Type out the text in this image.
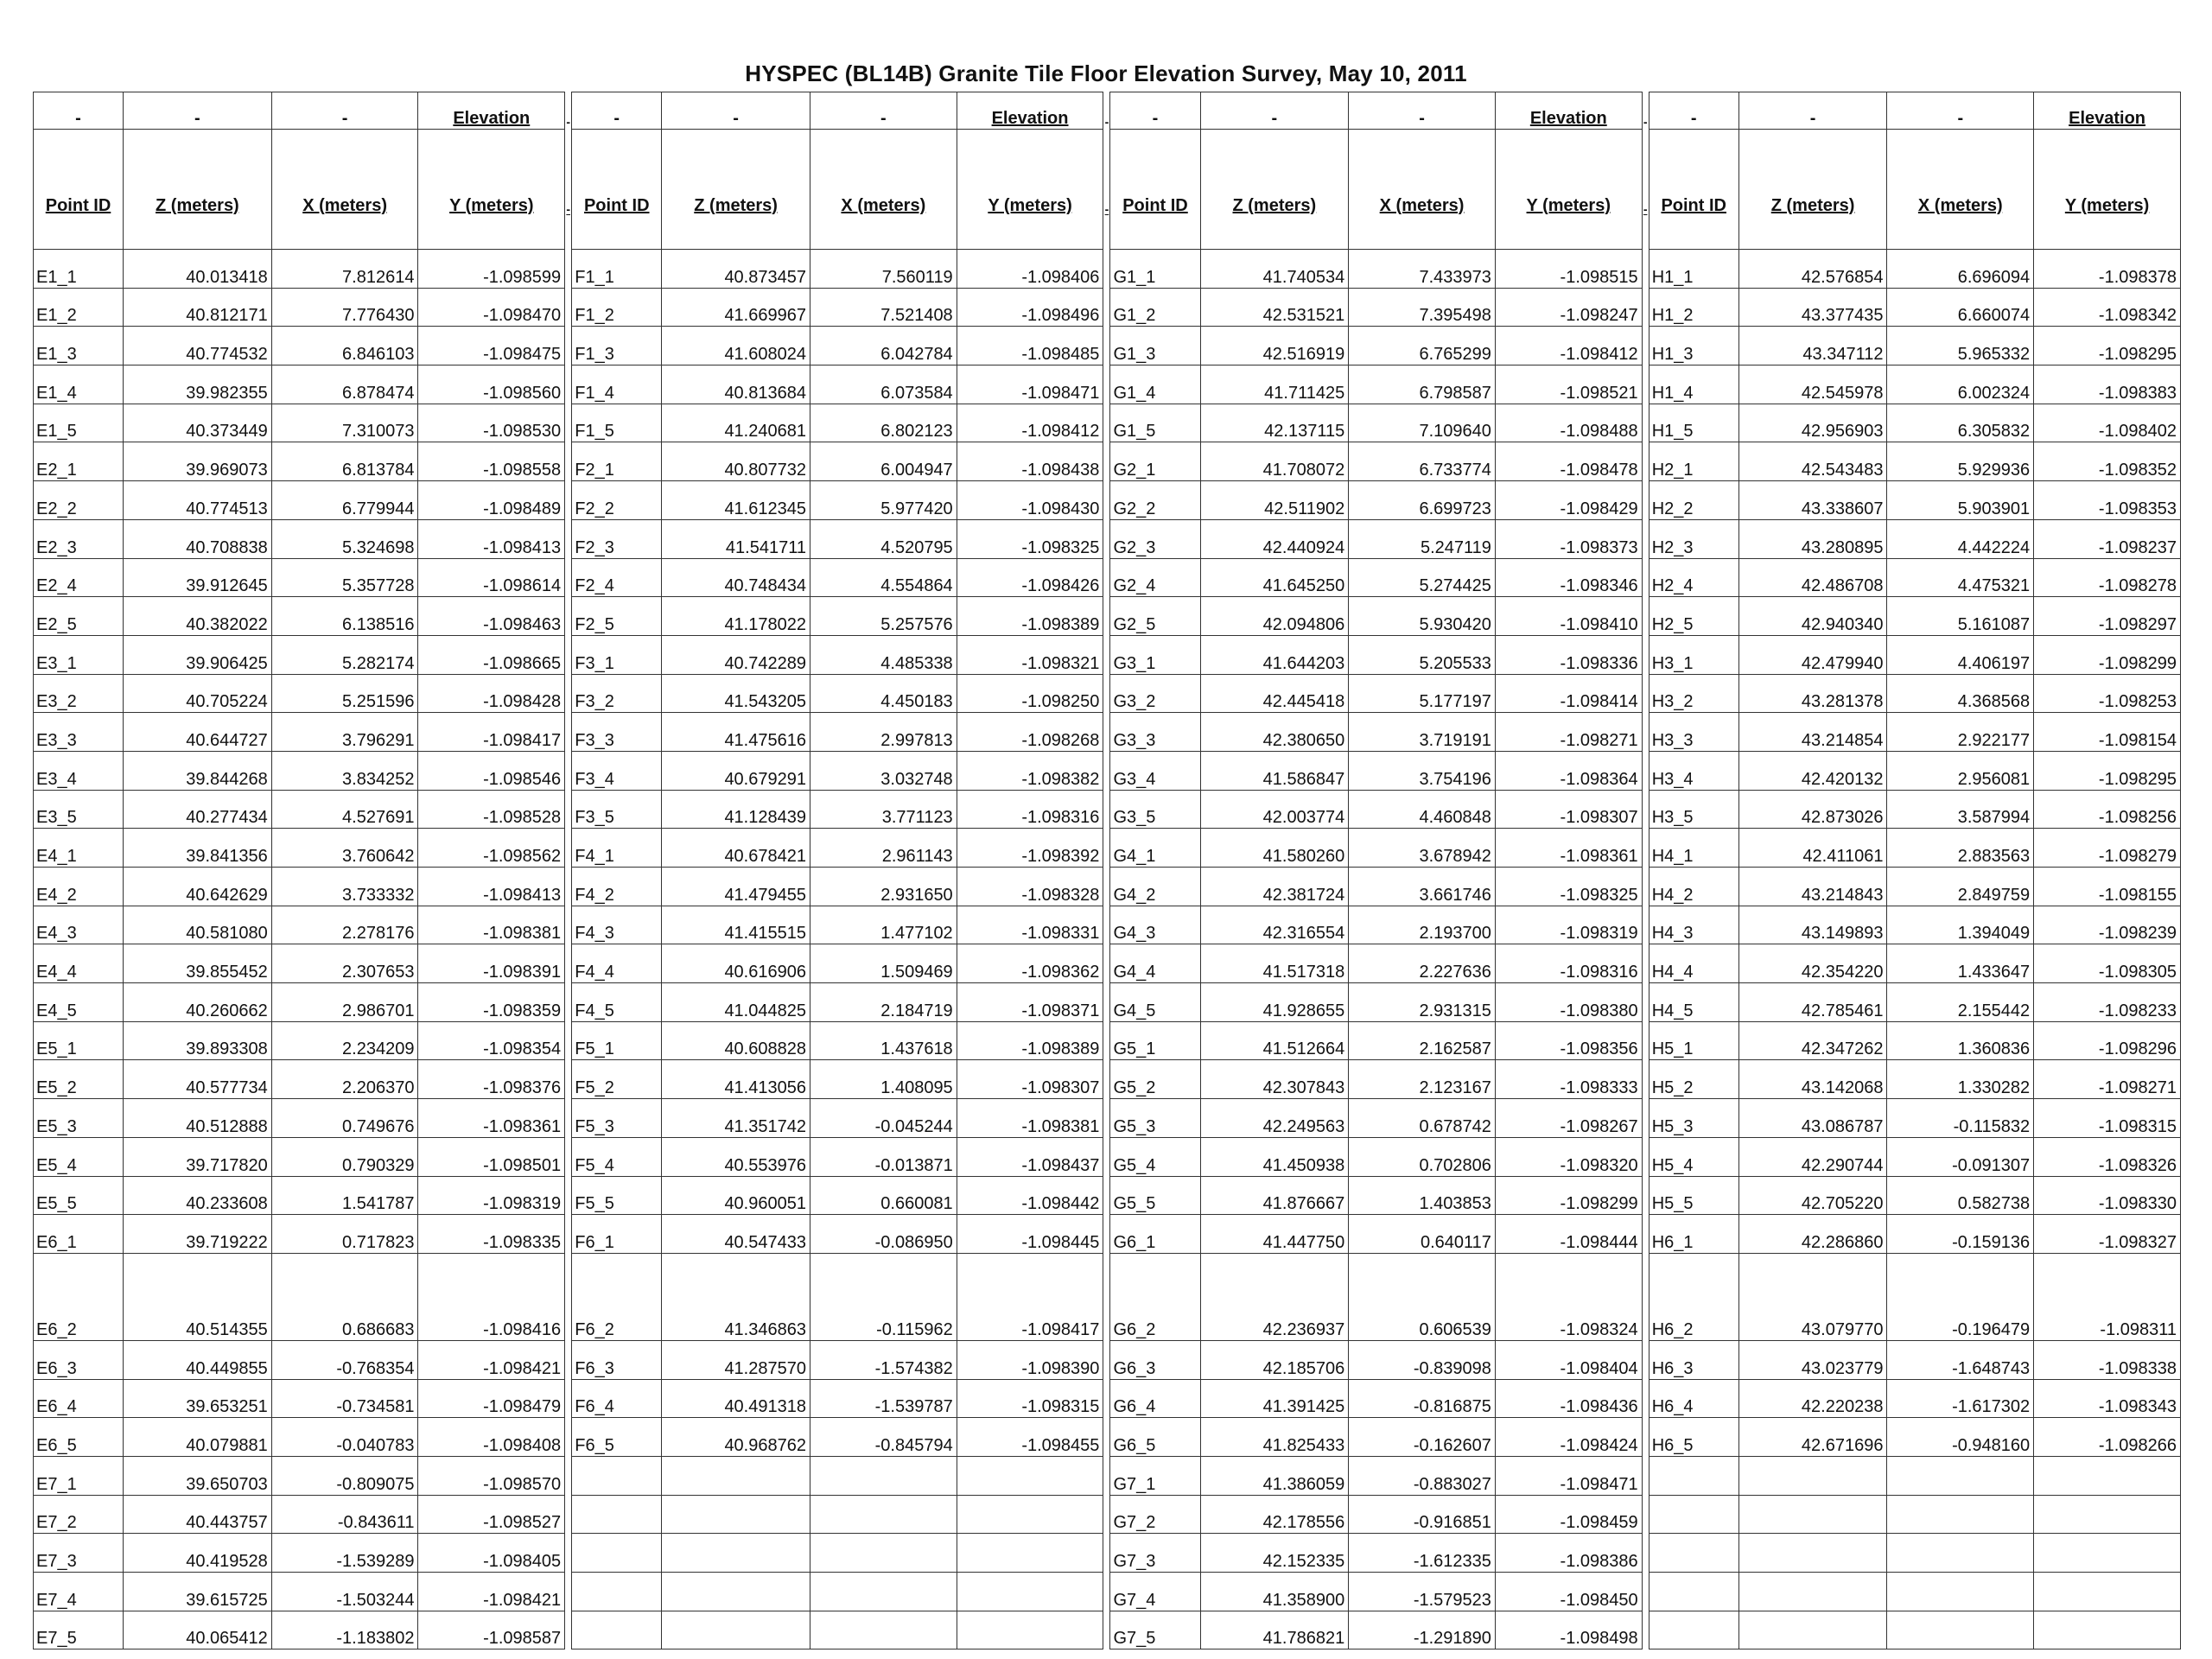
HYSPEC (BL14B) Granite Tile Floor Elevation Survey, May 10, 2011
-	-	-	Elevation	-	-	-	-	Elevation	-	-	-	-	Elevation	-	-	-	-	Elevation
Point ID	Z (meters)	X (meters)	Y (meters)	-	Point ID	Z (meters)	X (meters)	Y (meters)	-	Point ID	Z (meters)	X (meters)	Y (meters)	-	Point ID	Z (meters)	X (meters)	Y (meters)
E1_1	40.013418	7.812614	-1.098599		F1_1	40.873457	7.560119	-1.098406		G1_1	41.740534	7.433973	-1.098515		H1_1	42.576854	6.696094	-1.098378
E1_2	40.812171	7.776430	-1.098470		F1_2	41.669967	7.521408	-1.098496		G1_2	42.531521	7.395498	-1.098247		H1_2	43.377435	6.660074	-1.098342
E1_3	40.774532	6.846103	-1.098475		F1_3	41.608024	6.042784	-1.098485		G1_3	42.516919	6.765299	-1.098412		H1_3	43.347112	5.965332	-1.098295
E1_4	39.982355	6.878474	-1.098560		F1_4	40.813684	6.073584	-1.098471		G1_4	41.711425	6.798587	-1.098521		H1_4	42.545978	6.002324	-1.098383
E1_5	40.373449	7.310073	-1.098530		F1_5	41.240681	6.802123	-1.098412		G1_5	42.137115	7.109640	-1.098488		H1_5	42.956903	6.305832	-1.098402
E2_1	39.969073	6.813784	-1.098558		F2_1	40.807732	6.004947	-1.098438		G2_1	41.708072	6.733774	-1.098478		H2_1	42.543483	5.929936	-1.098352
E2_2	40.774513	6.779944	-1.098489		F2_2	41.612345	5.977420	-1.098430		G2_2	42.511902	6.699723	-1.098429		H2_2	43.338607	5.903901	-1.098353
E2_3	40.708838	5.324698	-1.098413		F2_3	41.541711	4.520795	-1.098325		G2_3	42.440924	5.247119	-1.098373		H2_3	43.280895	4.442224	-1.098237
E2_4	39.912645	5.357728	-1.098614		F2_4	40.748434	4.554864	-1.098426		G2_4	41.645250	5.274425	-1.098346		H2_4	42.486708	4.475321	-1.098278
E2_5	40.382022	6.138516	-1.098463		F2_5	41.178022	5.257576	-1.098389		G2_5	42.094806	5.930420	-1.098410		H2_5	42.940340	5.161087	-1.098297
E3_1	39.906425	5.282174	-1.098665		F3_1	40.742289	4.485338	-1.098321		G3_1	41.644203	5.205533	-1.098336		H3_1	42.479940	4.406197	-1.098299
E3_2	40.705224	5.251596	-1.098428		F3_2	41.543205	4.450183	-1.098250		G3_2	42.445418	5.177197	-1.098414		H3_2	43.281378	4.368568	-1.098253
E3_3	40.644727	3.796291	-1.098417		F3_3	41.475616	2.997813	-1.098268		G3_3	42.380650	3.719191	-1.098271		H3_3	43.214854	2.922177	-1.098154
E3_4	39.844268	3.834252	-1.098546		F3_4	40.679291	3.032748	-1.098382		G3_4	41.586847	3.754196	-1.098364		H3_4	42.420132	2.956081	-1.098295
E3_5	40.277434	4.527691	-1.098528		F3_5	41.128439	3.771123	-1.098316		G3_5	42.003774	4.460848	-1.098307		H3_5	42.873026	3.587994	-1.098256
E4_1	39.841356	3.760642	-1.098562		F4_1	40.678421	2.961143	-1.098392		G4_1	41.580260	3.678942	-1.098361		H4_1	42.411061	2.883563	-1.098279
E4_2	40.642629	3.733332	-1.098413		F4_2	41.479455	2.931650	-1.098328		G4_2	42.381724	3.661746	-1.098325		H4_2	43.214843	2.849759	-1.098155
E4_3	40.581080	2.278176	-1.098381		F4_3	41.415515	1.477102	-1.098331		G4_3	42.316554	2.193700	-1.098319		H4_3	43.149893	1.394049	-1.098239
E4_4	39.855452	2.307653	-1.098391		F4_4	40.616906	1.509469	-1.098362		G4_4	41.517318	2.227636	-1.098316		H4_4	42.354220	1.433647	-1.098305
E4_5	40.260662	2.986701	-1.098359		F4_5	41.044825	2.184719	-1.098371		G4_5	41.928655	2.931315	-1.098380		H4_5	42.785461	2.155442	-1.098233
E5_1	39.893308	2.234209	-1.098354		F5_1	40.608828	1.437618	-1.098389		G5_1	41.512664	2.162587	-1.098356		H5_1	42.347262	1.360836	-1.098296
E5_2	40.577734	2.206370	-1.098376		F5_2	41.413056	1.408095	-1.098307		G5_2	42.307843	2.123167	-1.098333		H5_2	43.142068	1.330282	-1.098271
E5_3	40.512888	0.749676	-1.098361		F5_3	41.351742	-0.045244	-1.098381		G5_3	42.249563	0.678742	-1.098267		H5_3	43.086787	-0.115832	-1.098315
E5_4	39.717820	0.790329	-1.098501		F5_4	40.553976	-0.013871	-1.098437		G5_4	41.450938	0.702806	-1.098320		H5_4	42.290744	-0.091307	-1.098326
E5_5	40.233608	1.541787	-1.098319		F5_5	40.960051	0.660081	-1.098442		G5_5	41.876667	1.403853	-1.098299		H5_5	42.705220	0.582738	-1.098330
E6_1	39.719222	0.717823	-1.098335		F6_1	40.547433	-0.086950	-1.098445		G6_1	41.447750	0.640117	-1.098444		H6_1	42.286860	-0.159136	-1.098327
E6_2	40.514355	0.686683	-1.098416		F6_2	41.346863	-0.115962	-1.098417		G6_2	42.236937	0.606539	-1.098324		H6_2	43.079770	-0.196479	-1.098311
E6_3	40.449855	-0.768354	-1.098421		F6_3	41.287570	-1.574382	-1.098390		G6_3	42.185706	-0.839098	-1.098404		H6_3	43.023779	-1.648743	-1.098338
E6_4	39.653251	-0.734581	-1.098479		F6_4	40.491318	-1.539787	-1.098315		G6_4	41.391425	-0.816875	-1.098436		H6_4	42.220238	-1.617302	-1.098343
E6_5	40.079881	-0.040783	-1.098408		F6_5	40.968762	-0.845794	-1.098455		G6_5	41.825433	-0.162607	-1.098424		H6_5	42.671696	-0.948160	-1.098266
E7_1	39.650703	-0.809075	-1.098570							G7_1	41.386059	-0.883027	-1.098471					
E7_2	40.443757	-0.843611	-1.098527							G7_2	42.178556	-0.916851	-1.098459					
E7_3	40.419528	-1.539289	-1.098405							G7_3	42.152335	-1.612335	-1.098386					
E7_4	39.615725	-1.503244	-1.098421							G7_4	41.358900	-1.579523	-1.098450					
E7_5	40.065412	-1.183802	-1.098587							G7_5	41.786821	-1.291890	-1.098498					
